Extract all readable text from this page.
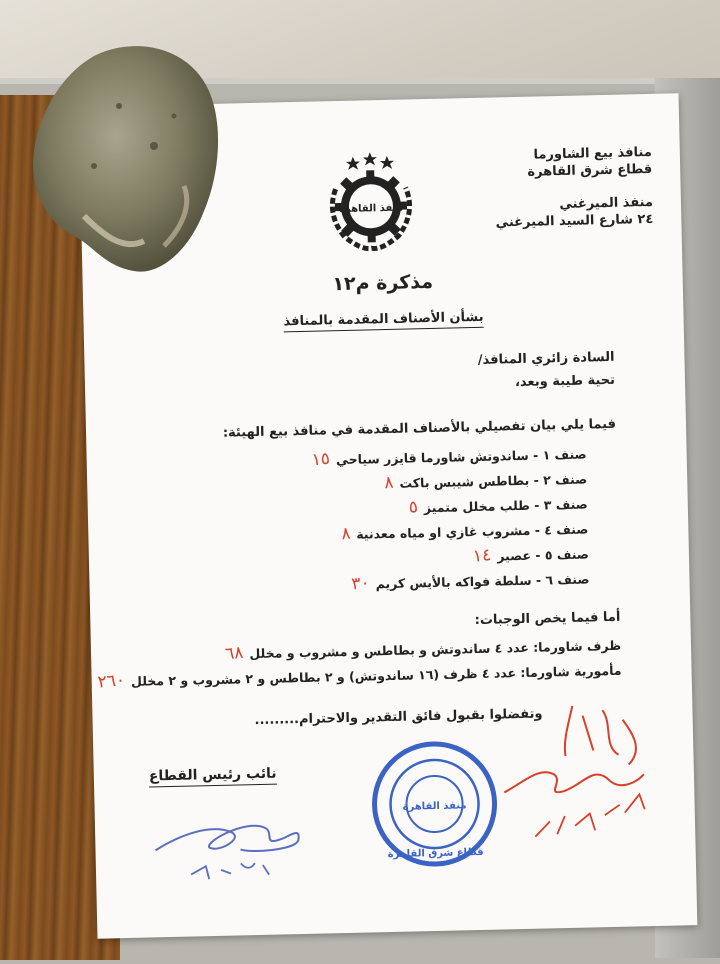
منافذ بيع الشاورما
قطاع شرق القاهرة
منفذ الميرغني
٢٤ شارع السيد الميرغني
منفذ القاهرة
مذكرة م١٢
بشأن الأصناف المقدمة بالمنافذ
السادة زائري المنافذ/
تحية طيبة وبعد،
فيما يلي بيان تفصيلي بالأصناف المقدمة في منافذ بيع الهيئة:
صنف ١ - ساندوتش شاورما قايزر سياحي١٥
صنف ٢ - بطاطس شيبس باكت٨
صنف ٣ - طلب مخلل متميز٥
صنف ٤ - مشروب غازي او مياه معدنية٨
صنف ٥ - عصير١٤
صنف ٦ - سلطة فواكه بالأيس كريم٣٠
أما فيما يخص الوجبات:
ظرف شاورما: عدد ٤ ساندوتش و بطاطس و مشروب و مخلل٦٨
مأمورية شاورما: عدد ٤ ظرف (١٦ ساندوتش) و ٢ بطاطس و ٢ مشروب و ٢ مخلل٢٦٠
وتفضلوا بقبول فائق التقدير والاحترام.........
نائب رئيس القطاع
منفذ القاهرة
قطاع شرق القاهرة
